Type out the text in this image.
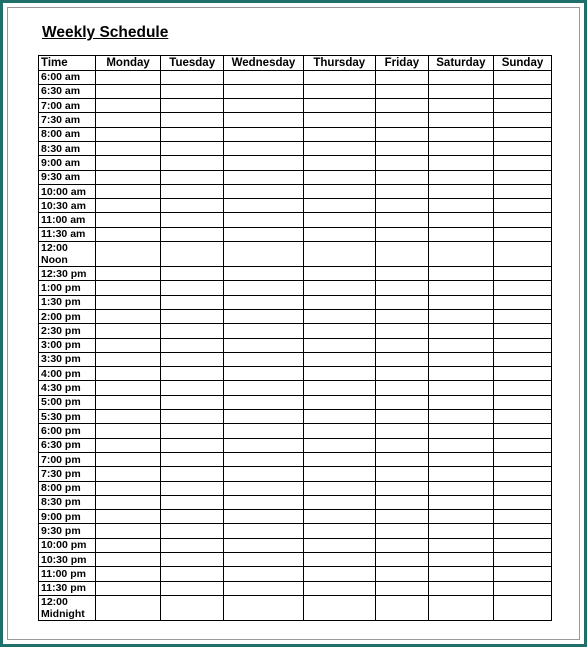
Weekly Schedule
Time	Monday	Tuesday	Wednesday	Thursday	Friday	Saturday	Sunday
6:00 am							
6:30 am							
7:00 am							
7:30 am							
8:00 am							
8:30 am							
9:00 am							
9:30 am							
10:00 am							
10:30 am							
11:00 am							
11:30 am							
12:00 Noon							
12:30 pm							
1:00 pm							
1:30 pm							
2:00 pm							
2:30 pm							
3:00 pm							
3:30 pm							
4:00 pm							
4:30 pm							
5:00 pm							
5:30 pm							
6:00 pm							
6:30 pm							
7:00 pm							
7:30 pm							
8:00 pm							
8:30 pm							
9:00 pm							
9:30 pm							
10:00 pm							
10:30 pm							
11:00 pm							
11:30 pm							
12:00 Midnight							
